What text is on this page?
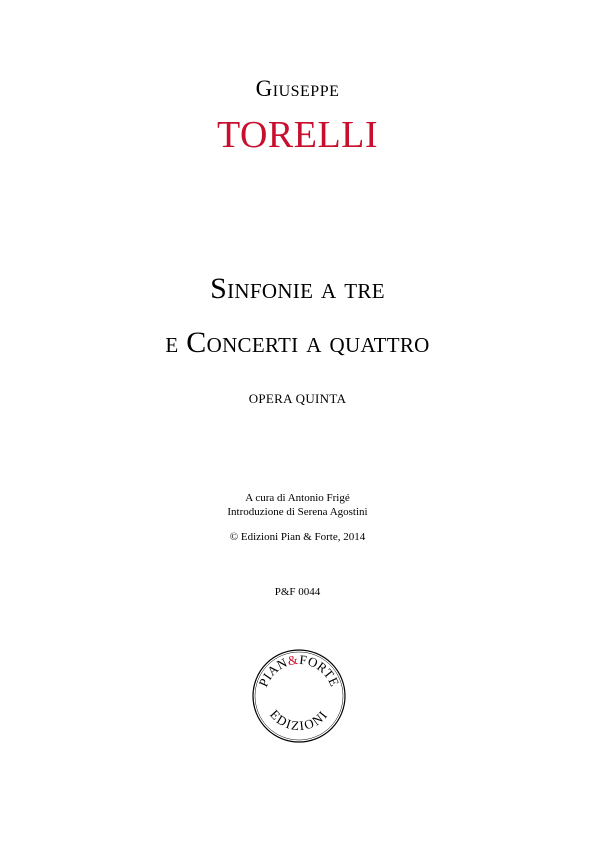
Giuseppe
TORELLI
Sinfonie a tre
e Concerti a quattro
OPERA QUINTA
A cura di Antonio Frigé
Introduzione di Serena Agostini
© Edizioni Pian & Forte, 2014
P&F 0044
PIAN&FORTE
EDIZIONI
